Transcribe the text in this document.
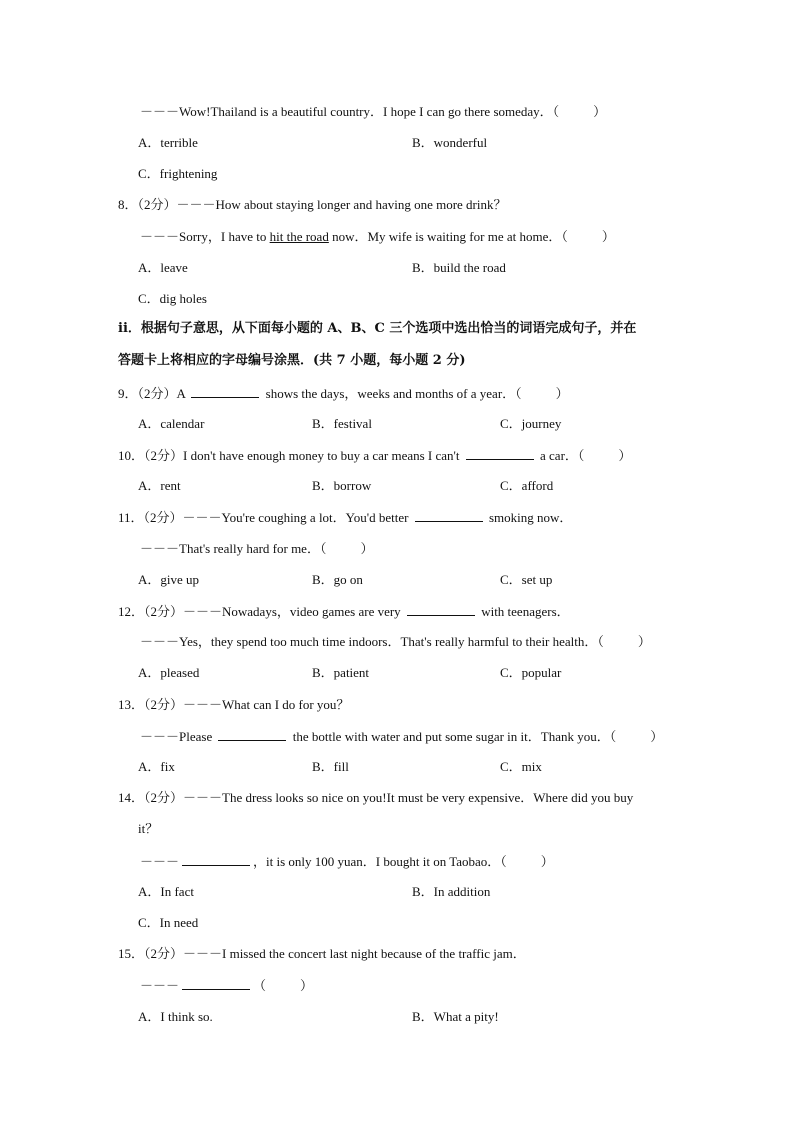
－－－Wow!Thailand is a beautiful country．I hope I can go there someday．（	）
A．terrible	B．wonderful
C．frightening
8．（2分）－－－How about staying longer and having one more drink？
－－－Sorry，I have to hit the road now．My wife is waiting for me at home．（	）
A．leave	B．build the road
C．dig holes
ii．根据句子意思，从下面每小题的 A、B、C 三个选项中选出恰当的词语完成句子，并在
答题卡上将相应的字母编号涂黑．(共 7 小题，每小题 2 分)
9．（2分）A	shows the days，weeks and months of a year．（	）
A．calendar	B．festival	C．journey
10．（2分）I don't have enough money to buy a car means I can't	a car．（	）
A．rent	B．borrow	C．afford
11．（2分）－－－You're coughing a lot．You'd better	smoking now．
－－－That's really hard for me．（	）
A．give up	B．go on	C．set up
12．（2分）－－－Nowadays，video games are very	with teenagers．
－－－Yes，they spend too much time indoors．That's really harmful to their health．（	）
A．pleased	B．patient	C．popular
13．（2分）－－－What can I do for you？
－－－Please	the bottle with water and put some sugar in it．Thank you．（	）
A．fix	B．fill	C．mix
14．（2分）－－－The dress looks so nice on you!It must be very expensive．Where did you buy
it？
－－－	，it is only 100 yuan．I bought it on Taobao．（	）
A．In fact	B．In addition
C．In need
15．（2分）－－－I missed the concert last night because of the traffic jam．
－－－	（	）
A．I think so.	B．What a pity!
